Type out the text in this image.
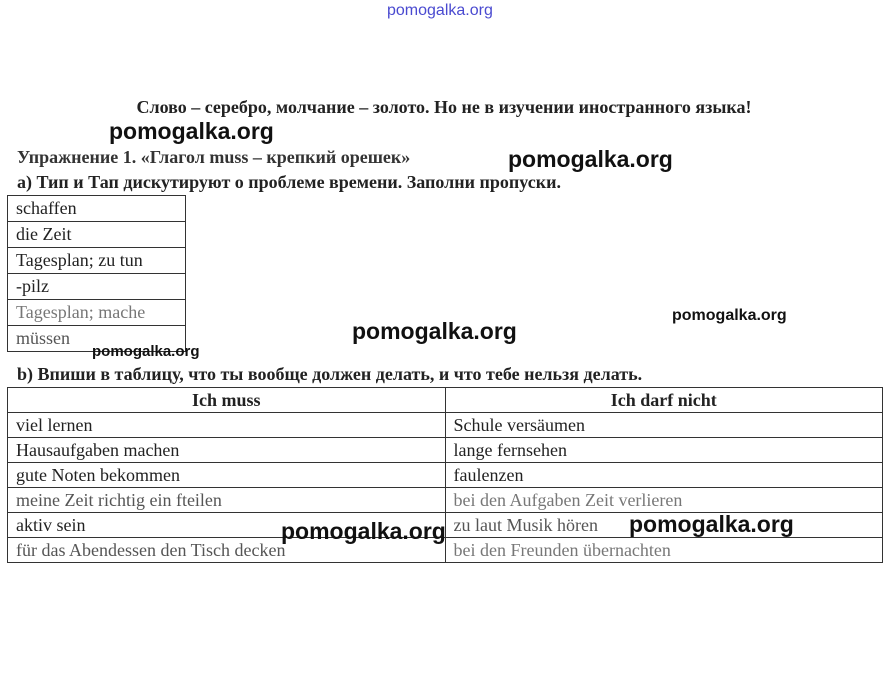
pomogalka.org
Слово – серебро, молчание – золото. Но не в изучении иностранного языка!
pomogalka.org
Упражнение 1. «Глагол muss – крепкий орешек»	pomogalka.org
а) Тип и Тап дискутируют о проблеме времени. Заполни пропуски.
schaffen
die Zeit
Tagesplan; zu tun
-pilz
Tagesplan; mache
müssen	pomogalka.org
pomogalka.org
pomogalka.org
b) Впиши в таблицу, что ты вообще должен делать, и что тебе нельзя делать.
Ich muss	Ich darf nicht
viel lernen	Schule versäumen
Hausaufgaben machen	lange fernsehen
gute Noten bekommen	faulenzen
meine Zeit richtig ein fteilen	bei den Aufgaben Zeit verlieren
aktiv sein	zu laut Musik hören
für das Abendessen den Tisch decken	bei den Freunden übernachten
pomogalka.org	pomogalka.org
